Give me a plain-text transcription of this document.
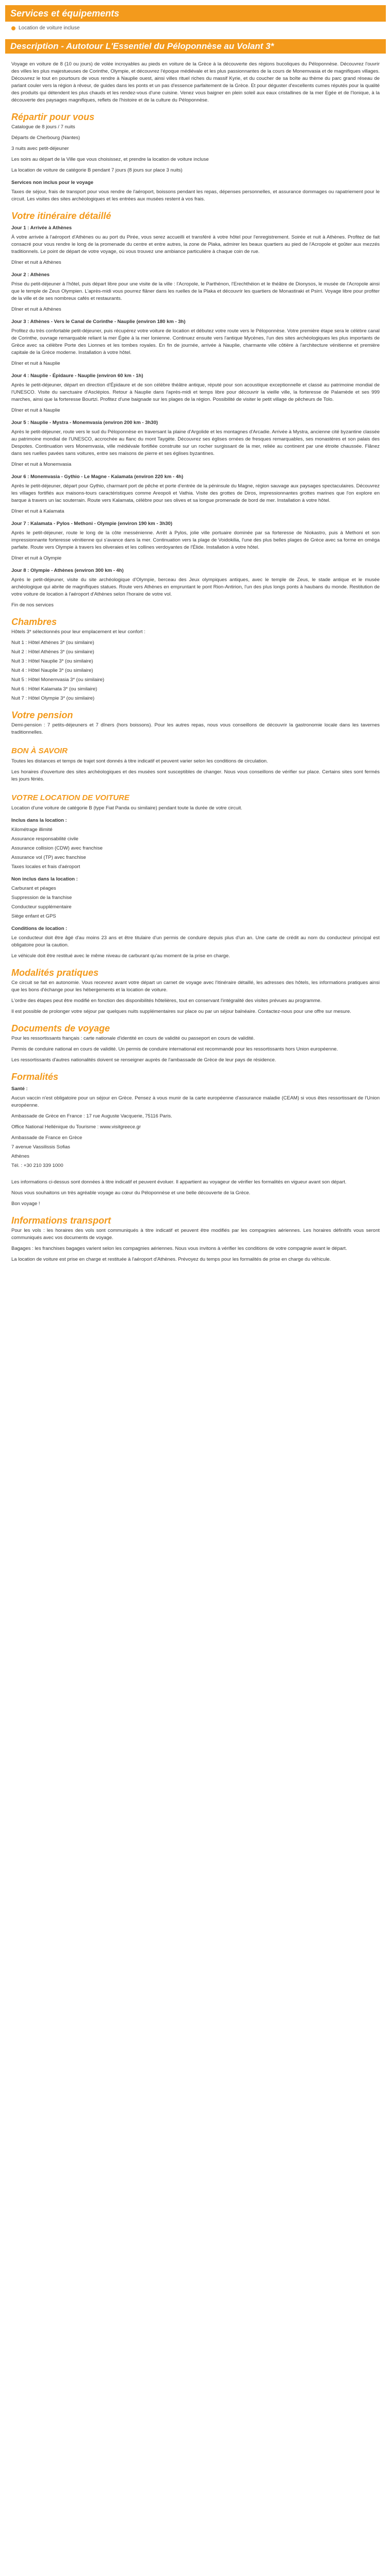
Services et équipements
Location de voiture incluse
Description - Autotour L'Essentiel du Péloponnèse au Volant 3*

Voyage en voiture de 8 (10 ou jours) de volée incroyables au pieds en voiture de la Grèce à la découverte des régions bucoliques du Péloponnèse. Découvrez l'ouvrir des villes les plus majestueuses de Corinthe, Olympie, et découvrez l'époque médiévale et les plus passionnantes de la cours de Monemvasia et de magnifiques villages. Découvrez le tout en pourtours de vous rendre à Nauplie ouest, ainsi villes rituel riches du massif Kyrie, et du coucher de sa boîte au thème du parc grand réseau de parlant couler vers la région à rêveur, de guides dans les ponts et un pas d'essence parfaitement de la Grèce. Et pour déguster d'excellents cumes réputés pour la qualité des produits qui détendent les plus chauds et les rendez-vous d'une cuisine. Venez vous baigner en plein soleil aux eaux cristallines de la mer Egée et de l'Ionique, à la découverte des paysages magnifiques, reflets de l'histoire et de la culture du Péloponnèse.

Répartir pour vous

Catalogue de 8 jours / 7 nuits

Départs de Cherbourg (Nantes)

3 nuits avec petit-déjeuner

Les soirs au départ de la Ville que vous choisissez, et prendre la location de voiture incluse

La location de voiture de catégorie B pendant 7 jours (8 jours sur place 3 nuits)

Services non inclus pour le voyage

Taxes de séjour, frais de transport pour vous rendre de l'aéroport, boissons pendant les repas, dépenses personnelles, et assurance dommages ou rapatriement pour le circuit. Les visites des sites archéologiques et les entrées aux musées restent à vos frais.

Votre itinéraire détaillé
Jour 1 : Arrivée à Athènes

À votre arrivée à l'aéroport d'Athènes ou au port du Pirée, vous serez accueilli et transféré à votre hôtel pour l'enregistrement. Soirée et nuit à Athènes. Profitez de fait consacré pour vous rendre le long de la promenade du centre et entre autres, la zone de Plaka, admirer les beaux quartiers au pied de l'Acropole et goûter aux mezzés traditionnels. Le point de départ de votre voyage, où vous trouvez une ambiance particulière à chaque coin de rue.

Dîner et nuit à Athènes

Jour 2 : Athènes

Prise du petit-déjeuner à l'hôtel, puis départ libre pour une visite de la ville : l'Acropole, le Parthénon, l'Erechthéion et le théâtre de Dionysos, le musée de l'Acropole ainsi que le temple de Zeus Olympien. L'après-midi vous pourrez flâner dans les ruelles de la Plaka et découvrir les quartiers de Monastiraki et Psirri. Voyage libre pour profiter de la ville et de ses nombreux cafés et restaurants.

Dîner et nuit à Athènes

Jour 3 : Athènes - Vers le Canal de Corinthe - Nauplie (environ 180 km - 3h)

Profitez du très confortable petit-déjeuner, puis récupérez votre voiture de location et débutez votre route vers le Péloponnèse. Votre première étape sera le célèbre canal de Corinthe, ouvrage remarquable reliant la mer Égée à la mer Ionienne. Continuez ensuite vers l'antique Mycènes, l'un des sites archéologiques les plus importants de Grèce avec sa célèbre Porte des Lionnes et les tombes royales. En fin de journée, arrivée à Nauplie, charmante ville côtière à l'architecture vénitienne et première capitale de la Grèce moderne. Installation à votre hôtel.

Dîner et nuit à Nauplie

Jour 4 : Nauplie - Épidaure - Nauplie (environ 60 km - 1h)

Après le petit-déjeuner, départ en direction d'Épidaure et de son célèbre théâtre antique, réputé pour son acoustique exceptionnelle et classé au patrimoine mondial de l'UNESCO. Visite du sanctuaire d'Asclépios. Retour à Nauplie dans l'après-midi et temps libre pour découvrir la vieille ville, la forteresse de Palamède et ses 999 marches, ainsi que la forteresse Bourtzi. Profitez d'une baignade sur les plages de la région. Possibilité de visiter le petit village de pêcheurs de Tolo.

Dîner et nuit à Nauplie

Jour 5 : Nauplie - Mystra - Monemvasia (environ 200 km - 3h30)

Après le petit-déjeuner, route vers le sud du Péloponnèse en traversant la plaine d'Argolide et les montagnes d'Arcadie. Arrivée à Mystra, ancienne cité byzantine classée au patrimoine mondial de l'UNESCO, accrochée au flanc du mont Taygète. Découvrez ses églises ornées de fresques remarquables, ses monastères et son palais des Despotes. Continuation vers Monemvasia, ville médiévale fortifiée construite sur un rocher surgissant de la mer, reliée au continent par une étroite chaussée. Flânez dans ses ruelles pavées sans voitures, entre ses maisons de pierre et ses églises byzantines.

Dîner et nuit à Monemvasia

Jour 6 : Monemvasia - Gythio - Le Magne - Kalamata (environ 220 km - 4h)

Après le petit-déjeuner, départ pour Gythio, charmant port de pêche et porte d'entrée de la péninsule du Magne, région sauvage aux paysages spectaculaires. Découvrez les villages fortifiés aux maisons-tours caractéristiques comme Areopoli et Vathia. Visite des grottes de Diros, impressionnantes grottes marines que l'on explore en barque à travers un lac souterrain. Route vers Kalamata, célèbre pour ses olives et sa longue promenade de bord de mer. Installation à votre hôtel.

Dîner et nuit à Kalamata

Jour 7 : Kalamata - Pylos - Methoni - Olympie (environ 190 km - 3h30)

Après le petit-déjeuner, route le long de la côte messénienne. Arrêt à Pylos, jolie ville portuaire dominée par sa forteresse de Niokastro, puis à Methoni et son impressionnante forteresse vénitienne qui s'avance dans la mer. Continuation vers la plage de Voidokilia, l'une des plus belles plages de Grèce avec sa forme en oméga parfaite. Route vers Olympie à travers les oliveraies et les collines verdoyantes de l'Élide. Installation à votre hôtel.

Dîner et nuit à Olympie

Jour 8 : Olympie - Athènes (environ 300 km - 4h)

Après le petit-déjeuner, visite du site archéologique d'Olympie, berceau des Jeux olympiques antiques, avec le temple de Zeus, le stade antique et le musée archéologique qui abrite de magnifiques statues. Route vers Athènes en empruntant le pont Rion-Antirion, l'un des plus longs ponts à haubans du monde. Restitution de votre voiture de location à l'aéroport d'Athènes selon l'horaire de votre vol.

Fin de nos services

Chambres

Hôtels 3* sélectionnés pour leur emplacement et leur confort :

Nuit 1 : Hôtel Athènes 3* (ou similaire)

Nuit 2 : Hôtel Athènes 3* (ou similaire)

Nuit 3 : Hôtel Nauplie 3* (ou similaire)

Nuit 4 : Hôtel Nauplie 3* (ou similaire)

Nuit 5 : Hôtel Monemvasia 3* (ou similaire)

Nuit 6 : Hôtel Kalamata 3* (ou similaire)

Nuit 7 : Hôtel Olympie 3* (ou similaire)

Votre pension

Demi-pension : 7 petits-déjeuners et 7 dîners (hors boissons). Pour les autres repas, nous vous conseillons de découvrir la gastronomie locale dans les tavernes traditionnelles.

BON À SAVOIR

Toutes les distances et temps de trajet sont donnés à titre indicatif et peuvent varier selon les conditions de circulation.

Les horaires d'ouverture des sites archéologiques et des musées sont susceptibles de changer. Nous vous conseillons de vérifier sur place. Certains sites sont fermés les jours fériés.

VOTRE LOCATION DE VOITURE

Location d'une voiture de catégorie B (type Fiat Panda ou similaire) pendant toute la durée de votre circuit.

Inclus dans la location :

Kilométrage illimité

Assurance responsabilité civile

Assurance collision (CDW) avec franchise

Assurance vol (TP) avec franchise

Taxes locales et frais d'aéroport

Non inclus dans la location :

Carburant et péages

Suppression de la franchise

Conducteur supplémentaire

Siège enfant et GPS

Conditions de location :

Le conducteur doit être âgé d'au moins 23 ans et être titulaire d'un permis de conduire depuis plus d'un an. Une carte de crédit au nom du conducteur principal est obligatoire pour la caution.

Le véhicule doit être restitué avec le même niveau de carburant qu'au moment de la prise en charge.

Modalités pratiques

Ce circuit se fait en autonomie. Vous recevrez avant votre départ un carnet de voyage avec l'itinéraire détaillé, les adresses des hôtels, les informations pratiques ainsi que les bons d'échange pour les hébergements et la location de voiture.

L'ordre des étapes peut être modifié en fonction des disponibilités hôtelières, tout en conservant l'intégralité des visites prévues au programme.

Il est possible de prolonger votre séjour par quelques nuits supplémentaires sur place ou par un séjour balnéaire. Contactez-nous pour une offre sur mesure.

Documents de voyage

Pour les ressortissants français : carte nationale d'identité en cours de validité ou passeport en cours de validité.

Permis de conduire national en cours de validité. Un permis de conduire international est recommandé pour les ressortissants hors Union européenne.

Les ressortissants d'autres nationalités doivent se renseigner auprès de l'ambassade de Grèce de leur pays de résidence.

Formalités
Santé :

Aucun vaccin n'est obligatoire pour un séjour en Grèce. Pensez à vous munir de la carte européenne d'assurance maladie (CEAM) si vous êtes ressortissant de l'Union européenne.

Ambassade de Grèce en France : 17 rue Auguste Vacquerie, 75116 Paris.

Office National Hellénique du Tourisme : www.visitgreece.gr

Ambassade de France en Grèce

7 avenue Vassilissis Sofias

Athènes

Tél. : +30 210 339 1000

Les informations ci-dessus sont données à titre indicatif et peuvent évoluer. Il appartient au voyageur de vérifier les formalités en vigueur avant son départ.

Nous vous souhaitons un très agréable voyage au cœur du Péloponnèse et une belle découverte de la Grèce.

Bon voyage !

Informations transport

Pour les vols : les horaires des vols sont communiqués à titre indicatif et peuvent être modifiés par les compagnies aériennes. Les horaires définitifs vous seront communiqués avec vos documents de voyage.

Bagages : les franchises bagages varient selon les compagnies aériennes. Nous vous invitons à vérifier les conditions de votre compagnie avant le départ.

La location de voiture est prise en charge et restituée à l'aéroport d'Athènes. Prévoyez du temps pour les formalités de prise en charge du véhicule.
